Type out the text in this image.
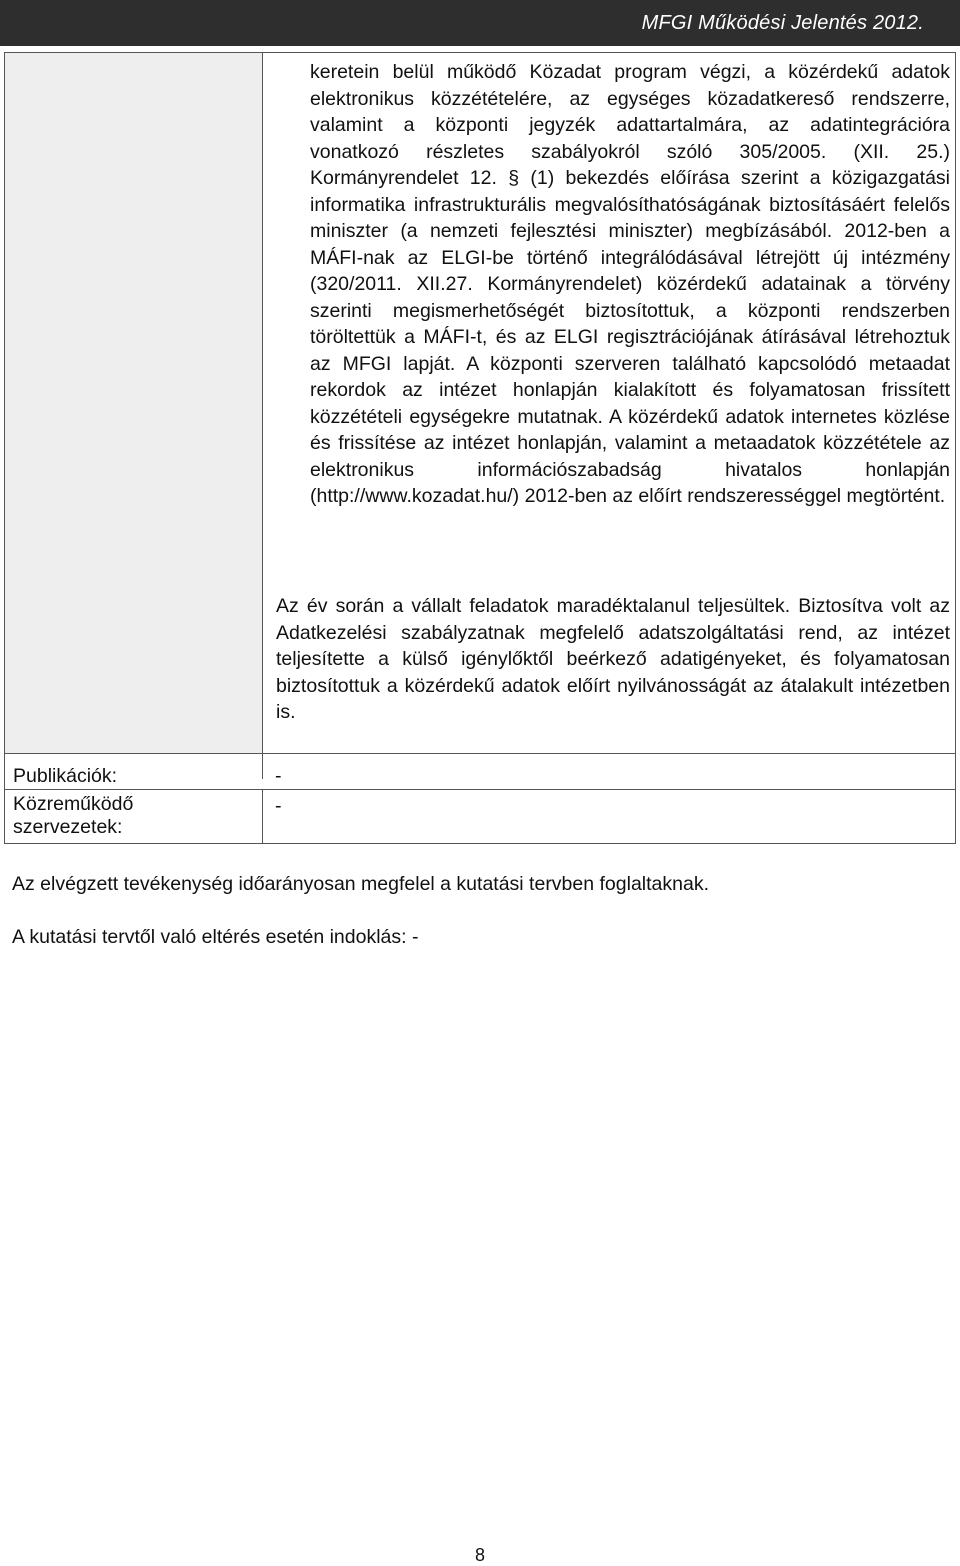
MFGI Működési Jelentés 2012.

keretein belül működő Közadat program végzi, a közérdekű adatok elektronikus közzétételére, az egységes közadatkereső rendszerre, valamint a központi jegyzék adattartalmára, az adatintegrációra vonatkozó részletes szabályokról szóló 305/2005. (XII. 25.) Kormányrendelet 12. § (1) bekezdés előírása szerint a közigazgatási informatika infrastrukturális megvalósíthatóságának biztosításáért felelős miniszter (a nemzeti fejlesztési miniszter) megbízásából. 2012-ben a MÁFI-nak az ELGI-be történő integrálódásával létrejött új intézmény (320/2011. XII.27. Kormányrendelet) közérdekű adatainak a törvény szerinti megismerhetőségét biztosítottuk, a központi rendszerben töröltettük a MÁFI-t, és az ELGI regisztrációjának átírásával létrehoztuk az MFGI lapját. A központi szerveren található kapcsolódó metaadat rekordok az intézet honlapján kialakított és folyamatosan frissített közzétételi egységekre mutatnak. A közérdekű adatok internetes közlése és frissítése az intézet honlapján, valamint a metaadatok közzététele az elektronikus információszabadság hivatalos honlapján (http://www.kozadat.hu/) 2012-ben az előírt rendszerességgel megtörtént.

Az év során a vállalt feladatok maradéktalanul teljesültek. Biztosítva volt az Adatkezelési szabályzatnak megfelelő adatszolgáltatási rend, az intézet teljesítette a külső igénylőktől beérkező adatigényeket, és folyamatosan biztosítottuk a közérdekű adatok előírt nyilvánosságát az átalakult intézetben is.

Publikációk:	-
Közreműködő
szervezetek:
-
Az elvégzett tevékenység időarányosan megfelel a kutatási tervben foglaltaknak.
A kutatási tervtől való eltérés esetén indoklás: -
8
